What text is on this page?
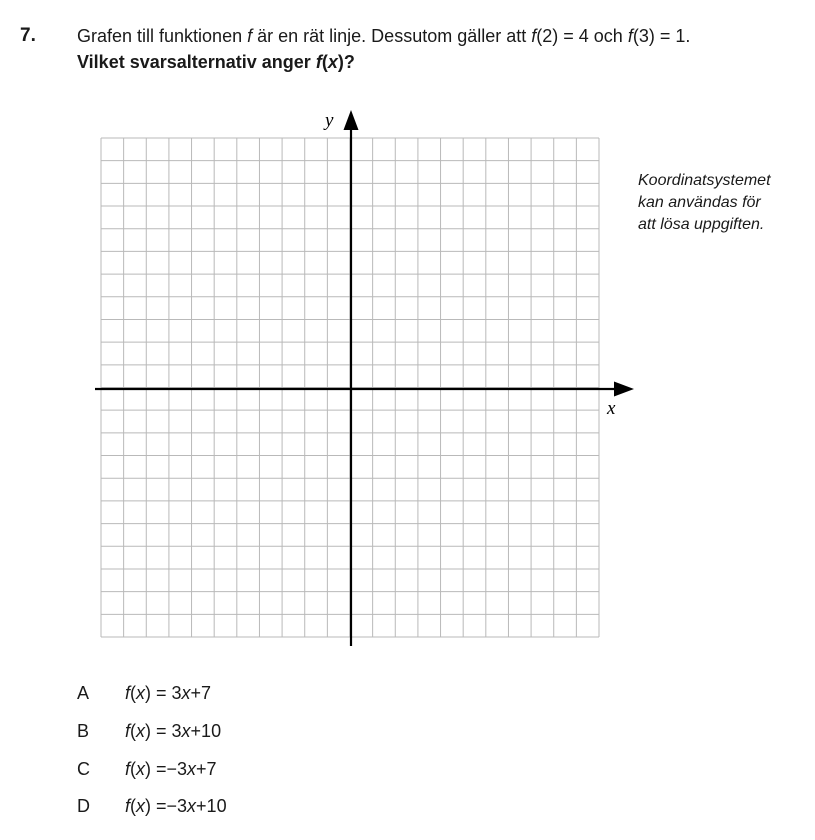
7. Grafen till funktionen f är en rät linje. Dessutom gäller att f(2) = 4 och f(3) = 1.
Vilket svarsalternativ anger f(x)?
x
y
Koordinatsystemet
kan användas för
att lösa uppgiften.
A f(x) = 3x+7
B f(x) = 3x+10
C f(x) =−3x+7
D f(x) =−3x+10
